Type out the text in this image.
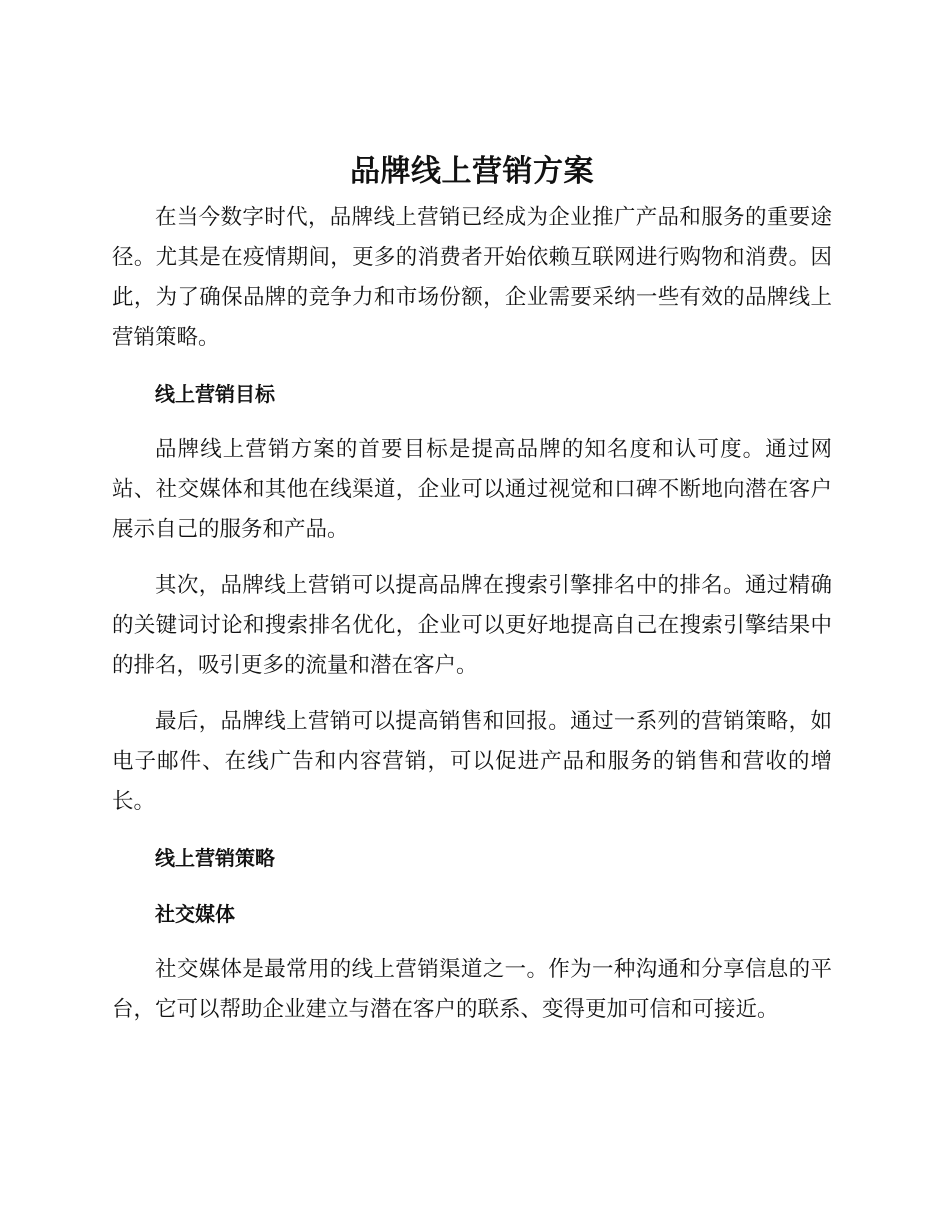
品牌线上营销方案

在当今数字时代，品牌线上营销已经成为企业推广产品和服务的重要途径。尤其是在疫情期间，更多的消费者开始依赖互联网进行购物和消费。因此，为了确保品牌的竞争力和市场份额，企业需要采纳一些有效的品牌线上营销策略。

线上营销目标

品牌线上营销方案的首要目标是提高品牌的知名度和认可度。通过网站、社交媒体和其他在线渠道，企业可以通过视觉和口碑不断地向潜在客户展示自己的服务和产品。

其次，品牌线上营销可以提高品牌在搜索引擎排名中的排名。通过精确的关键词讨论和搜索排名优化，企业可以更好地提高自己在搜索引擎结果中的排名，吸引更多的流量和潜在客户。

最后，品牌线上营销可以提高销售和回报。通过一系列的营销策略，如电子邮件、在线广告和内容营销，可以促进产品和服务的销售和营收的增长。

线上营销策略
社交媒体

社交媒体是最常用的线上营销渠道之一。作为一种沟通和分享信息的平台，它可以帮助企业建立与潜在客户的联系、变得更加可信和可接近。
